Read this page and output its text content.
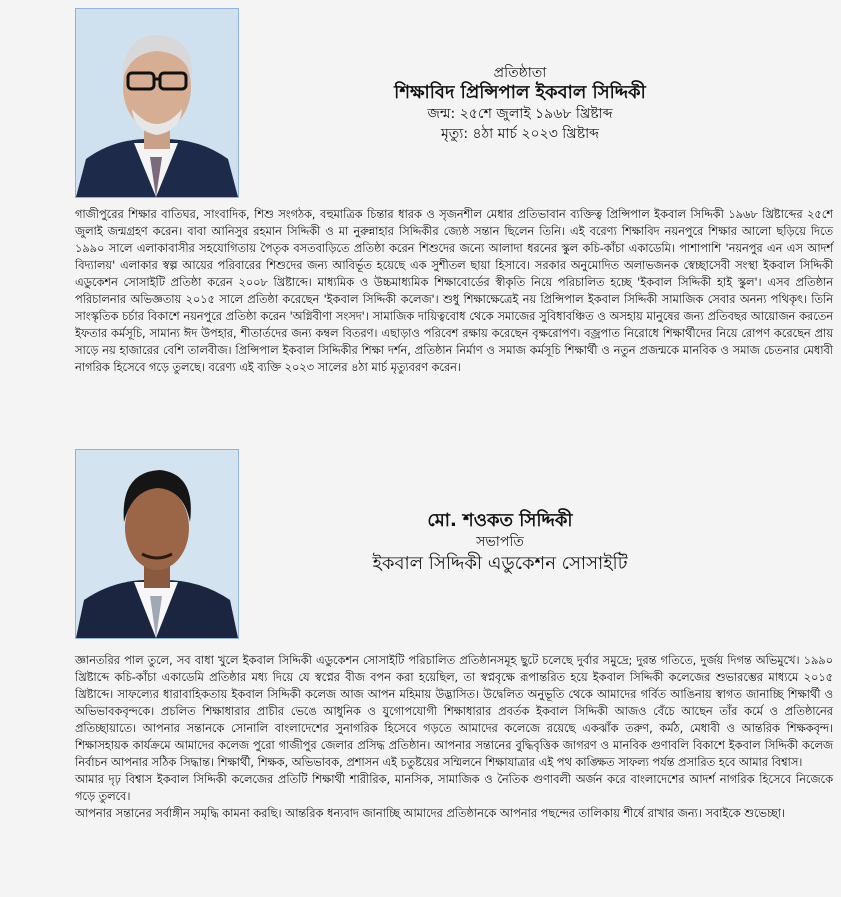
প্রতিষ্ঠাতা
শিক্ষাবিদ প্রিন্সিপাল ইকবাল সিদ্দিকী
জন্ম: ২৫শে জুলাই ১৯৬৮ খ্রিষ্টাব্দ
মৃত্যু: ৪ঠা মার্চ ২০২৩ খ্রিষ্টাব্দ
গাজীপুরের শিক্ষার বাতিঘর, সাংবাদিক, শিশু সংগঠক, বহুমাত্রিক চিন্তার ধারক ও সৃজনশীল মেধার প্রতিভাবান ব্যক্তিত্ব প্রিন্সিপাল ইকবাল সিদ্দিকী ১৯৬৮ খ্রিষ্টাব্দের ২৫শে জুলাই জন্মগ্রহণ করেন। বাবা আনিসুর রহমান সিদ্দিকী ও মা নুরুন্নাহার সিদ্দিকীর জ্যেষ্ঠ সন্তান ছিলেন তিনি। এই বরেণ্য শিক্ষাবিদ নয়নপুরে শিক্ষার আলো ছড়িয়ে দিতে ১৯৯০ সালে এলাকাবাসীর সহযোগিতায় পৈতৃক বসতবাড়িতে প্রতিষ্ঠা করেন শিশুদের জন্যে আলাদা ধরনের স্কুল কচি-কাঁচা একাডেমি। পাশাপাশি 'নয়নপুর এন এস আদর্শ বিদ্যালয়' এলাকার স্বল্প আয়ের পরিবারের শিশুদের জন্য আবির্ভূত হয়েছে এক সুশীতল ছায়া হিসাবে। সরকার অনুমোদিত অলাভজনক স্বেচ্ছাসেবী সংস্থা ইকবাল সিদ্দিকী এডুকেশন সোসাইটি প্রতিষ্ঠা করেন ২০০৮ খ্রিষ্টাব্দে। মাধ্যমিক ও উচ্চমাধ্যমিক শিক্ষাবোর্ডের স্বীকৃতি নিয়ে পরিচালিত হচ্ছে 'ইকবাল সিদ্দিকী হাই স্কুল'। এসব প্রতিষ্ঠান পরিচালনার অভিজ্ঞতায় ২০১৫ সালে প্রতিষ্ঠা করেছেন 'ইকবাল সিদ্দিকী কলেজ'। শুধু শিক্ষাক্ষেত্রেই নয় প্রিন্সিপাল ইকবাল সিদ্দিকী সামাজিক সেবার অনন্য পথিকৃৎ। তিনি সাংস্কৃতিক চর্চার বিকাশে নয়নপুরে প্রতিষ্ঠা করেন 'অগ্নিবীণা সংসদ'। সামাজিক দায়িত্ববোধ থেকে সমাজের সুবিধাবঞ্চিত ও অসহায় মানুষের জন্য প্রতিবছর আয়োজন করতেন ইফতার কর্মসূচি, সামান্য ঈদ উপহার, শীতার্তদের জন্য কম্বল বিতরণ। এছাড়াও পরিবেশ রক্ষায় করেছেন বৃক্ষরোপণ। বজ্রপাত নিরোধে শিক্ষার্থীদের নিয়ে রোপণ করেছেন প্রায় সাড়ে নয় হাজারের বেশি তালবীজ। প্রিন্সিপাল ইকবাল সিদ্দিকীর শিক্ষা দর্শন, প্রতিষ্ঠান নির্মাণ ও সমাজ কর্মসূচি শিক্ষার্থী ও নতুন প্রজন্মকে মানবিক ও সমাজ চেতনার মেধাবী নাগরিক হিসেবে গড়ে তুলছে। বরেণ্য এই ব্যক্তি ২০২৩ সালের ৪ঠা মার্চ মৃত্যুবরণ করেন।
মো. শওকত সিদ্দিকী
সভাপতি
ইকবাল সিদ্দিকী এডুকেশন সোসাইটি

জ্ঞানতরির পাল তুলে, সব বাধা খুলে ইকবাল সিদ্দিকী এডুকেশন সোসাইটি পরিচালিত প্রতিষ্ঠানসমূহ ছুটে চলেছে দুর্বার সমুদ্রে; দুরন্ত গতিতে, দুর্জয় দিগন্ত অভিমুখে। ১৯৯০ খ্রিষ্টাব্দে কচি-কাঁচা একাডেমি প্রতিষ্ঠার মধ্য দিয়ে যে স্বপ্নের বীজ বপন করা হয়েছিল, তা স্বপ্নবৃক্ষে রূপান্তরিত হয়ে ইকবাল সিদ্দিকী কলেজের শুভারম্ভের মাধ্যমে ২০১৫ খ্রিষ্টাব্দে। সাফল্যের ধারাবাহিকতায় ইকবাল সিদ্দিকী কলেজ আজ আপন মহিমায় উদ্ভাসিত। উদ্বেলিত অনুভূতি থেকে আমাদের গর্বিত আঙিনায় স্বাগত জানাচ্ছি শিক্ষার্থী ও অভিভাবকবৃন্দকে। প্রচলিত শিক্ষাধারার প্রাচীর ভেঙে আধুনিক ও যুগোপযোগী শিক্ষাধারার প্রবর্তক ইকবাল সিদ্দিকী আজও বেঁচে আছেন তাঁর কর্মে ও প্রতিষ্ঠানের প্রতিচ্ছায়াতে। আপনার সন্তানকে সোনালি বাংলাদেশের সুনাগরিক হিসেবে গড়তে আমাদের কলেজে রয়েছে একঝাঁক তরুণ, কর্মঠ, মেধাবী ও আন্তরিক শিক্ষকবৃন্দ। শিক্ষাসহায়ক কার্যক্রমে আমাদের কলেজ পুরো গাজীপুর জেলার প্রসিদ্ধ প্রতিষ্ঠান। আপনার সন্তানের বুদ্ধিবৃত্তিক জাগরণ ও মানবিক গুণাবলি বিকাশে ইকবাল সিদ্দিকী কলেজ নির্বাচন আপনার সঠিক সিদ্ধান্ত। শিক্ষার্থী, শিক্ষক, অভিভাবক, প্রশাসন এই চতুষ্টয়ের সম্মিলনে শিক্ষাযাত্রার এই পথ কাঙ্ক্ষিত সাফল্য পর্যন্ত প্রসারিত হবে আমার বিশ্বাস।

আমার দৃঢ় বিশ্বাস ইকবাল সিদ্দিকী কলেজের প্রতিটি শিক্ষার্থী শারীরিক, মানসিক, সামাজিক ও নৈতিক গুণাবলী অর্জন করে বাংলাদেশের আদর্শ নাগরিক হিসেবে নিজেকে গড়ে তুলবে।

আপনার সন্তানের সর্বাঙ্গীন সমৃদ্ধি কামনা করছি। আন্তরিক ধন্যবাদ জানাচ্ছি আমাদের প্রতিষ্ঠানকে আপনার পছন্দের তালিকায় শীর্ষে রাখার জন্য। সবাইকে শুভেচ্ছা।
